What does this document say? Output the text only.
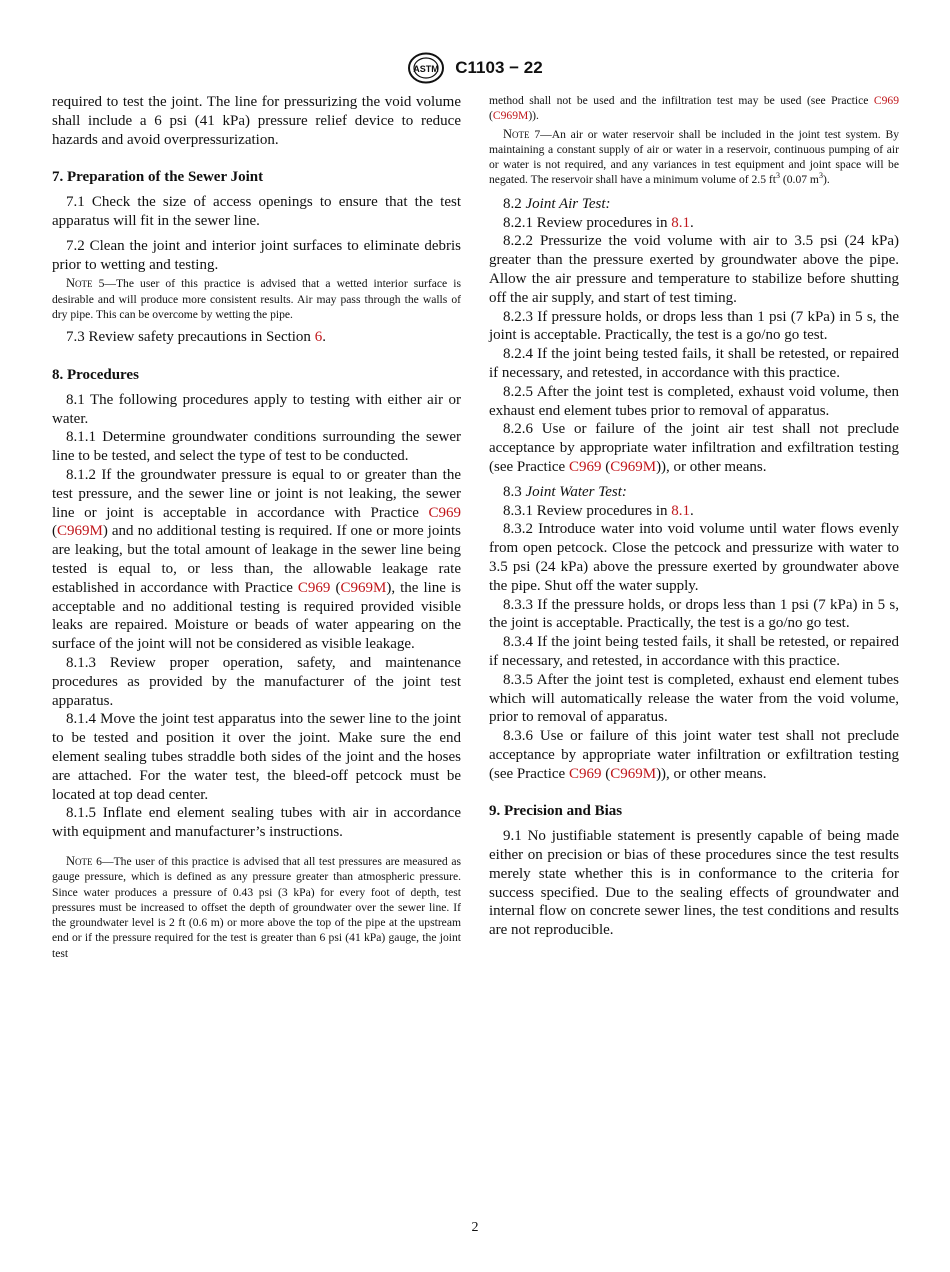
ASTM C1103 − 22

required to test the joint. The line for pressurizing the void volume shall include a 6 psi (41 kPa) pressure relief device to reduce hazards and avoid overpressurization.

7. Preparation of the Sewer Joint

7.1 Check the size of access openings to ensure that the test apparatus will fit in the sewer line.

7.2 Clean the joint and interior joint surfaces to eliminate debris prior to wetting and testing.

Note 5—The user of this practice is advised that a wetted interior surface is desirable and will produce more consistent results. Air may pass through the walls of dry pipe. This can be overcome by wetting the pipe.

7.3 Review safety precautions in Section 6.

8. Procedures

8.1 The following procedures apply to testing with either air or water.

8.1.1 Determine groundwater conditions surrounding the sewer line to be tested, and select the type of test to be conducted.

8.1.2 If the groundwater pressure is equal to or greater than the test pressure, and the sewer line or joint is not leaking, the sewer line or joint is acceptable in accordance with Practice C969 (C969M) and no additional testing is required. If one or more joints are leaking, but the total amount of leakage in the sewer line being tested is equal to, or less than, the allowable leakage rate established in accordance with Practice C969 (C969M), the line is acceptable and no additional testing is required provided visible leaks are repaired. Moisture or beads of water appearing on the surface of the joint will not be considered as visible leakage.

8.1.3 Review proper operation, safety, and maintenance procedures as provided by the manufacturer of the joint test apparatus.

8.1.4 Move the joint test apparatus into the sewer line to the joint to be tested and position it over the joint. Make sure the end element sealing tubes straddle both sides of the joint and the hoses are attached. For the water test, the bleed-off petcock must be located at top dead center.

8.1.5 Inflate end element sealing tubes with air in accordance with equipment and manufacturer’s instructions.

Note 6—The user of this practice is advised that all test pressures are measured as gauge pressure, which is defined as any pressure greater than atmospheric pressure. Since water produces a pressure of 0.43 psi (3 kPa) for every foot of depth, test pressures must be increased to offset the depth of groundwater over the sewer line. If the groundwater level is 2 ft (0.6 m) or more above the top of the pipe at the upstream end or if the pressure required for the test is greater than 6 psi (41 kPa) gauge, the joint test

method shall not be used and the infiltration test may be used (see Practice C969 (C969M)).

Note 7—An air or water reservoir shall be included in the joint test system. By maintaining a constant supply of air or water in a reservoir, continuous pumping of air or water is not required, and any variances in test equipment and joint space will be negated. The reservoir shall have a minimum volume of 2.5 $ft^3$ (0.07 $m^3$).

8.2 Joint Air Test:

8.2.1 Review procedures in 8.1.

8.2.2 Pressurize the void volume with air to 3.5 psi (24 kPa) greater than the pressure exerted by groundwater above the pipe. Allow the air pressure and temperature to stabilize before shutting off the air supply, and start of test timing.

8.2.3 If pressure holds, or drops less than 1 psi (7 kPa) in 5 s, the joint is acceptable. Practically, the test is a go/no go test.

8.2.4 If the joint being tested fails, it shall be retested, or repaired if necessary, and retested, in accordance with this practice.

8.2.5 After the joint test is completed, exhaust void volume, then exhaust end element tubes prior to removal of apparatus.

8.2.6 Use or failure of the joint air test shall not preclude acceptance by appropriate water infiltration and exfiltration testing (see Practice C969 (C969M)), or other means.

8.3 Joint Water Test:

8.3.1 Review procedures in 8.1.

8.3.2 Introduce water into void volume until water flows evenly from open petcock. Close the petcock and pressurize with water to 3.5 psi (24 kPa) above the pressure exerted by groundwater above the pipe. Shut off the water supply.

8.3.3 If the pressure holds, or drops less than 1 psi (7 kPa) in 5 s, the joint is acceptable. Practically, the test is a go/no go test.

8.3.4 If the joint being tested fails, it shall be retested, or repaired if necessary, and retested, in accordance with this practice.

8.3.5 After the joint test is completed, exhaust end element tubes which will automatically release the water from the void volume, prior to removal of apparatus.

8.3.6 Use or failure of this joint water test shall not preclude acceptance by appropriate water infiltration or exfiltration testing (see Practice C969 (C969M)), or other means.

9. Precision and Bias

9.1 No justifiable statement is presently capable of being made either on precision or bias of these procedures since the test results merely state whether this is in conformance to the criteria for success specified. Due to the sealing effects of groundwater and internal flow on concrete sewer lines, the test conditions and results are not reproducible.

2
